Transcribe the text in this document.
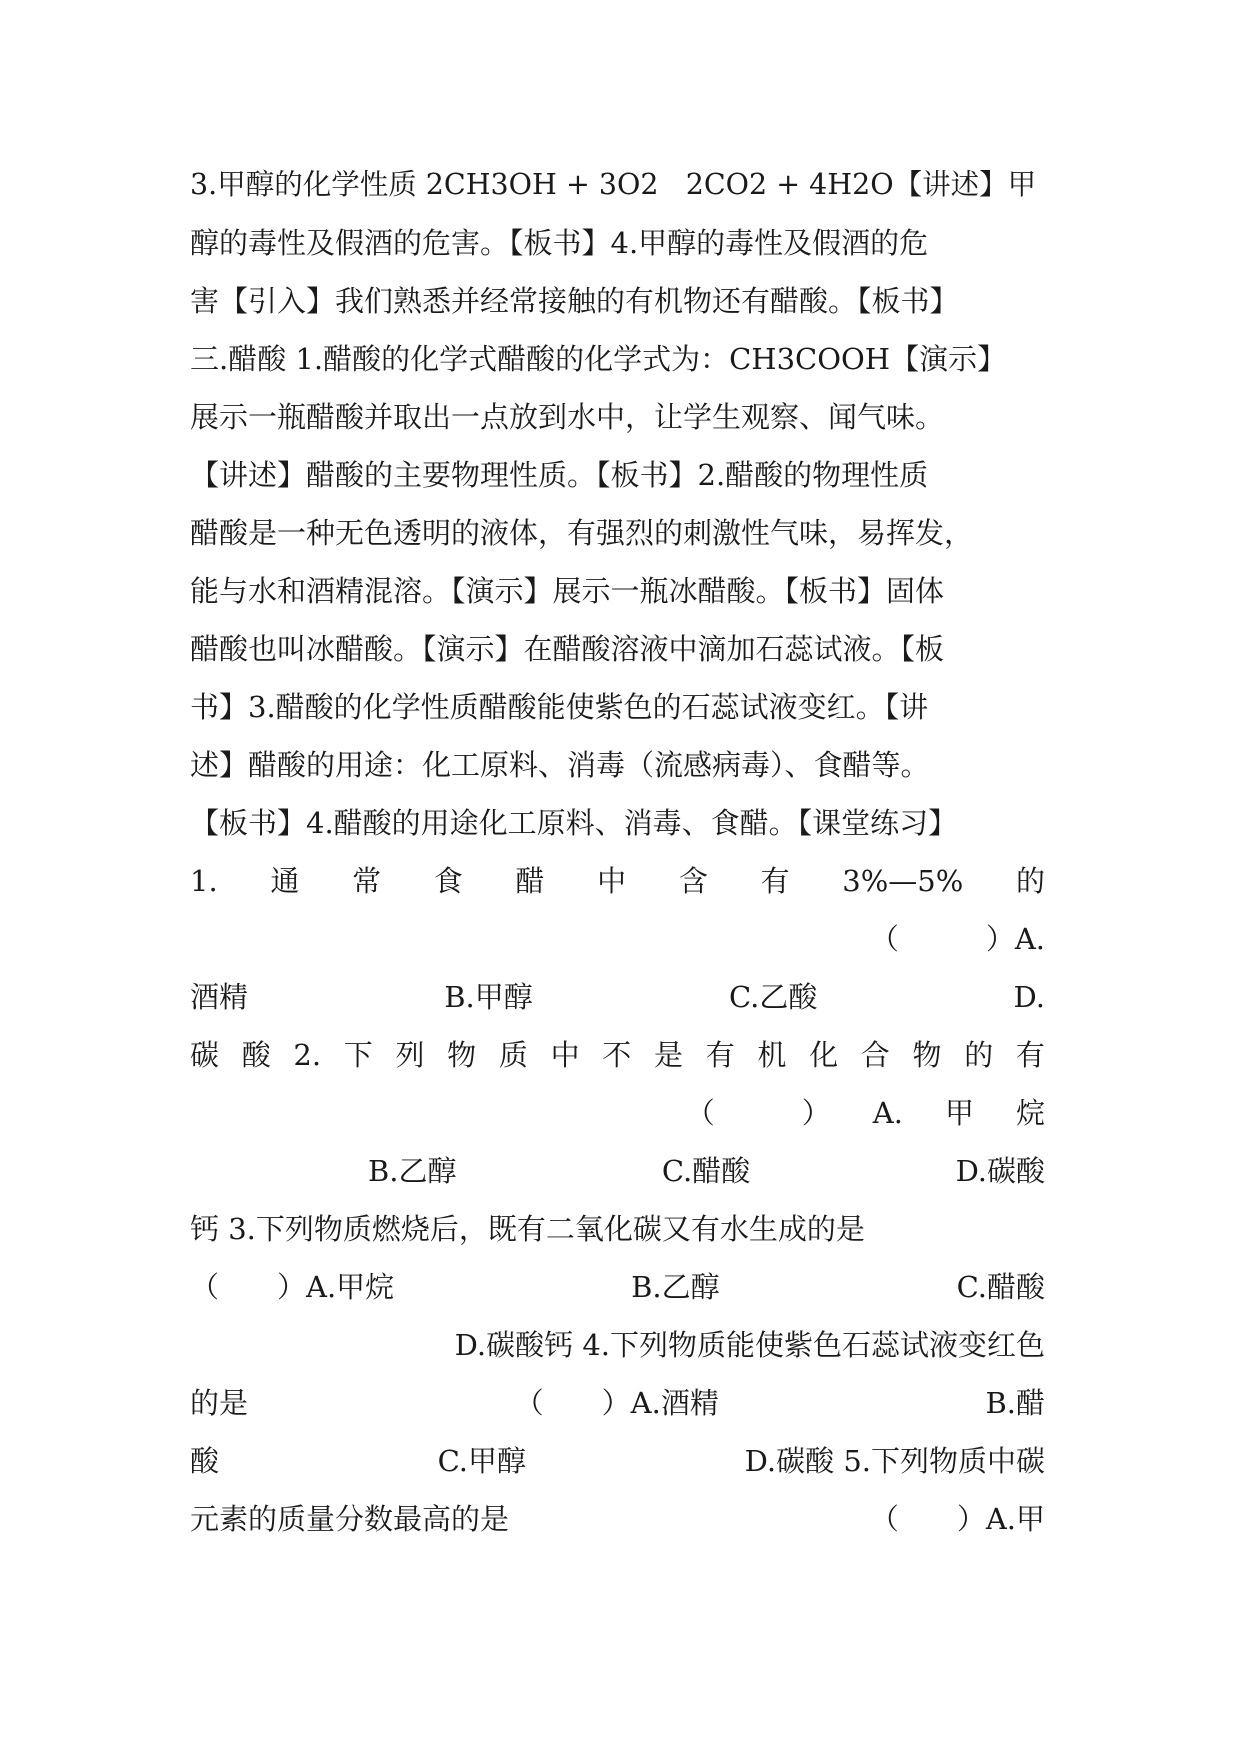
3.甲醇的化学性质 2CH3OH + 3O2   2CO2 + 4H2O【讲述】甲
醇的毒性及假酒的危害。【板书】4.甲醇的毒性及假酒的危
害【引入】我们熟悉并经常接触的有机物还有醋酸。【板书】
三.醋酸 1.醋酸的化学式醋酸的化学式为：CH3COOH【演示】
展示一瓶醋酸并取出一点放到水中，让学生观察、闻气味。
【讲述】醋酸的主要物理性质。【板书】2.醋酸的物理性质
醋酸是一种无色透明的液体，有强烈的刺激性气味，易挥发，
能与水和酒精混溶。【演示】展示一瓶冰醋酸。【板书】固体
醋酸也叫冰醋酸。【演示】在醋酸溶液中滴加石蕊试液。【板
书】3.醋酸的化学性质醋酸能使紫色的石蕊试液变红。【讲
述】醋酸的用途：化工原料、消毒（流感病毒）、食醋等。
【板书】4.醋酸的用途化工原料、消毒、食醋。【课堂练习】
1. 通 常 食 醋 中 含 有 3%—5% 的
（　　　）A.
酒精	B.甲醇	C.乙酸	D.
碳 酸 2. 下 列 物 质 中 不 是 有 机 化 合 物 的 有
（　　　） A. 甲 烷
B.乙醇	C.醋酸	D.碳酸
钙 3.下列物质燃烧后，既有二氧化碳又有水生成的是
（　　）A.甲烷	B.乙醇	C.醋酸
D.碳酸钙 4.下列物质能使紫色石蕊试液变红色
的是	（　　）A.酒精	B.醋
酸	C.甲醇	D.碳酸 5.下列物质中碳
元素的质量分数最高的是	（　　）A.甲
